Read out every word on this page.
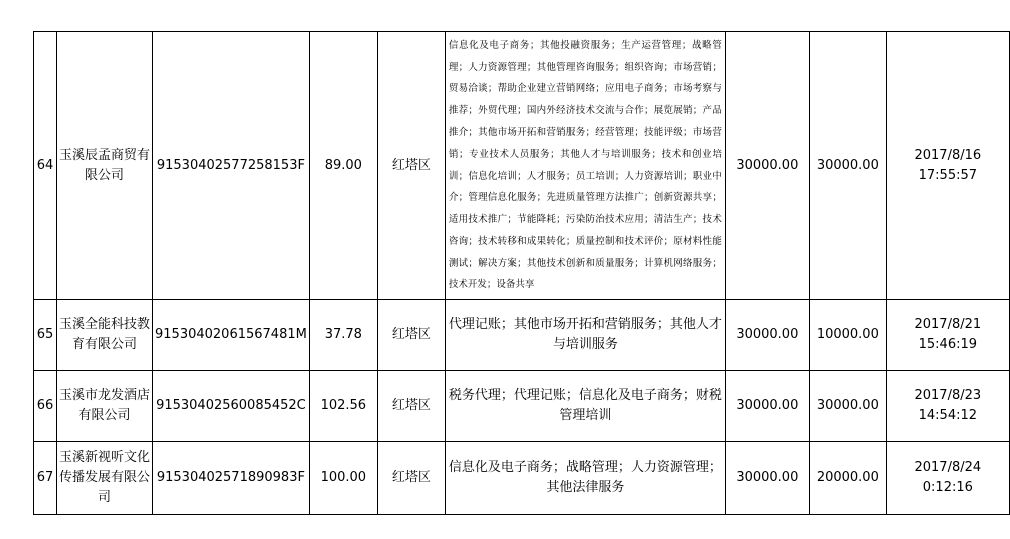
64	玉溪辰孟商贸有限公司	91530402577258153F	89.00	红塔区	信息化及电子商务；其他投融资服务；生产运营管理；战略管理；人力资源管理；其他管理咨询服务；组织咨询；市场营销；贸易洽谈；帮助企业建立营销网络；应用电子商务；市场考察与推荐；外贸代理；国内外经济技术交流与合作；展览展销；产品推介；其他市场开拓和营销服务；经营管理；技能评级；市场营销；专业技术人员服务；其他人才与培训服务；技术和创业培训；信息化培训；人才服务；员工培训；人力资源培训；职业中介；管理信息化服务；先进质量管理方法推广；创新资源共享；适用技术推广；节能降耗；污染防治技术应用；清洁生产；技术咨询；技术转移和成果转化；质量控制和技术评价；原材料性能测试；解决方案；其他技术创新和质量服务；计算机网络服务；技术开发；设备共享	30000.00	30000.00	2017/8/16 17:55:57
65	玉溪全能科技教育有限公司	91530402061567481M	37.78	红塔区	代理记账；其他市场开拓和营销服务；其他人才与培训服务	30000.00	10000.00	2017/8/21 15:46:19
66	玉溪市龙发酒店有限公司	91530402560085452C	102.56	红塔区	税务代理；代理记账；信息化及电子商务；财税管理培训	30000.00	30000.00	2017/8/23 14:54:12
67	玉溪新视听文化传播发展有限公司	91530402571890983F	100.00	红塔区	信息化及电子商务；战略管理；人力资源管理；其他法律服务	30000.00	20000.00	2017/8/24 0:12:16
